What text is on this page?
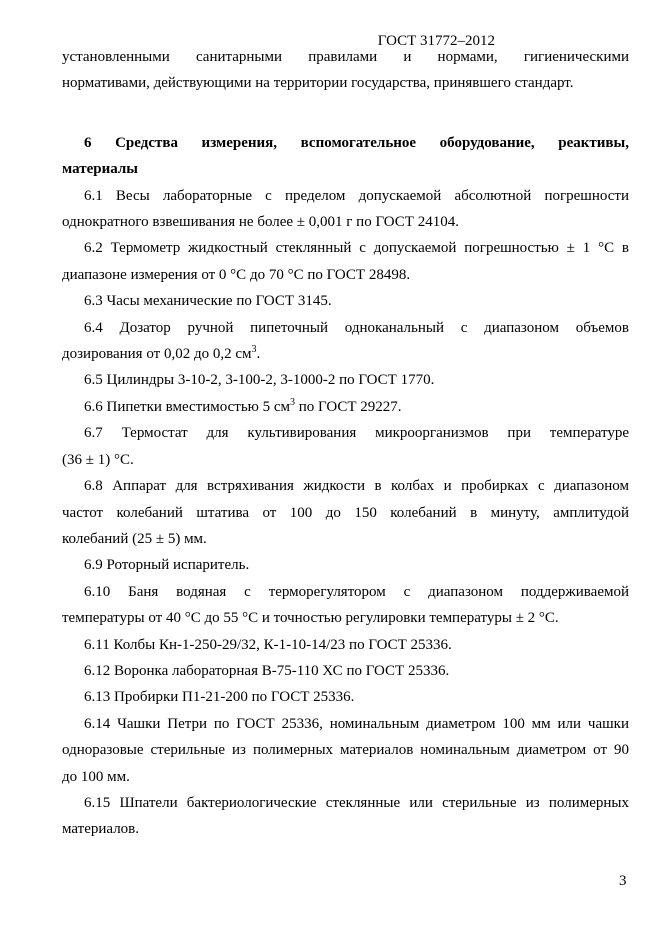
ГОСТ 31772–2012

установленными санитарными правилами и нормами, гигиеническими
нормативами, действующими на территории государства, принявшего стандарт.

6 Средства измерения, вспомогательное оборудование, реактивы,
материалы

6.1 Весы лабораторные с пределом допускаемой абсолютной погрешности
однократного взвешивания не более ± 0,001 г по ГОСТ 24104.

6.2 Термометр жидкостный стеклянный с допускаемой погрешностью ± 1 °С в
диапазоне измерения от 0 °С до 70 °С по ГОСТ 28498.

6.3 Часы механические по ГОСТ 3145.

6.4 Дозатор ручной пипеточный одноканальный с диапазоном объемов
дозирования от 0,02 до 0,2 $см^3$.

6.5 Цилиндры 3-10-2, 3-100-2, 3-1000-2 по ГОСТ 1770.

6.6 Пипетки вместимостью 5 $см^3$ по ГОСТ 29227.

6.7 Термостат для культивирования микроорганизмов при температуре
(36 ± 1) °С.

6.8 Аппарат для встряхивания жидкости в колбах и пробирках с диапазоном
частот колебаний штатива от 100 до 150 колебаний в минуту, амплитудой
колебаний (25 ± 5) мм.

6.9 Роторный испаритель.

6.10 Баня водяная с терморегулятором с диапазоном поддерживаемой
температуры от 40 °С до 55 °С и точностью регулировки температуры ± 2 °С.

6.11 Колбы Кн-1-250-29/32, К-1-10-14/23 по ГОСТ 25336.

6.12 Воронка лабораторная В-75-110 ХС по ГОСТ 25336.

6.13 Пробирки П1-21-200 по ГОСТ 25336.

6.14 Чашки Петри по ГОСТ 25336, номинальным диаметром 100 мм или чашки
одноразовые стерильные из полимерных материалов номинальным диаметром от 90
до 100 мм.

6.15 Шпатели бактериологические стеклянные или стерильные из полимерных
материалов.

3
